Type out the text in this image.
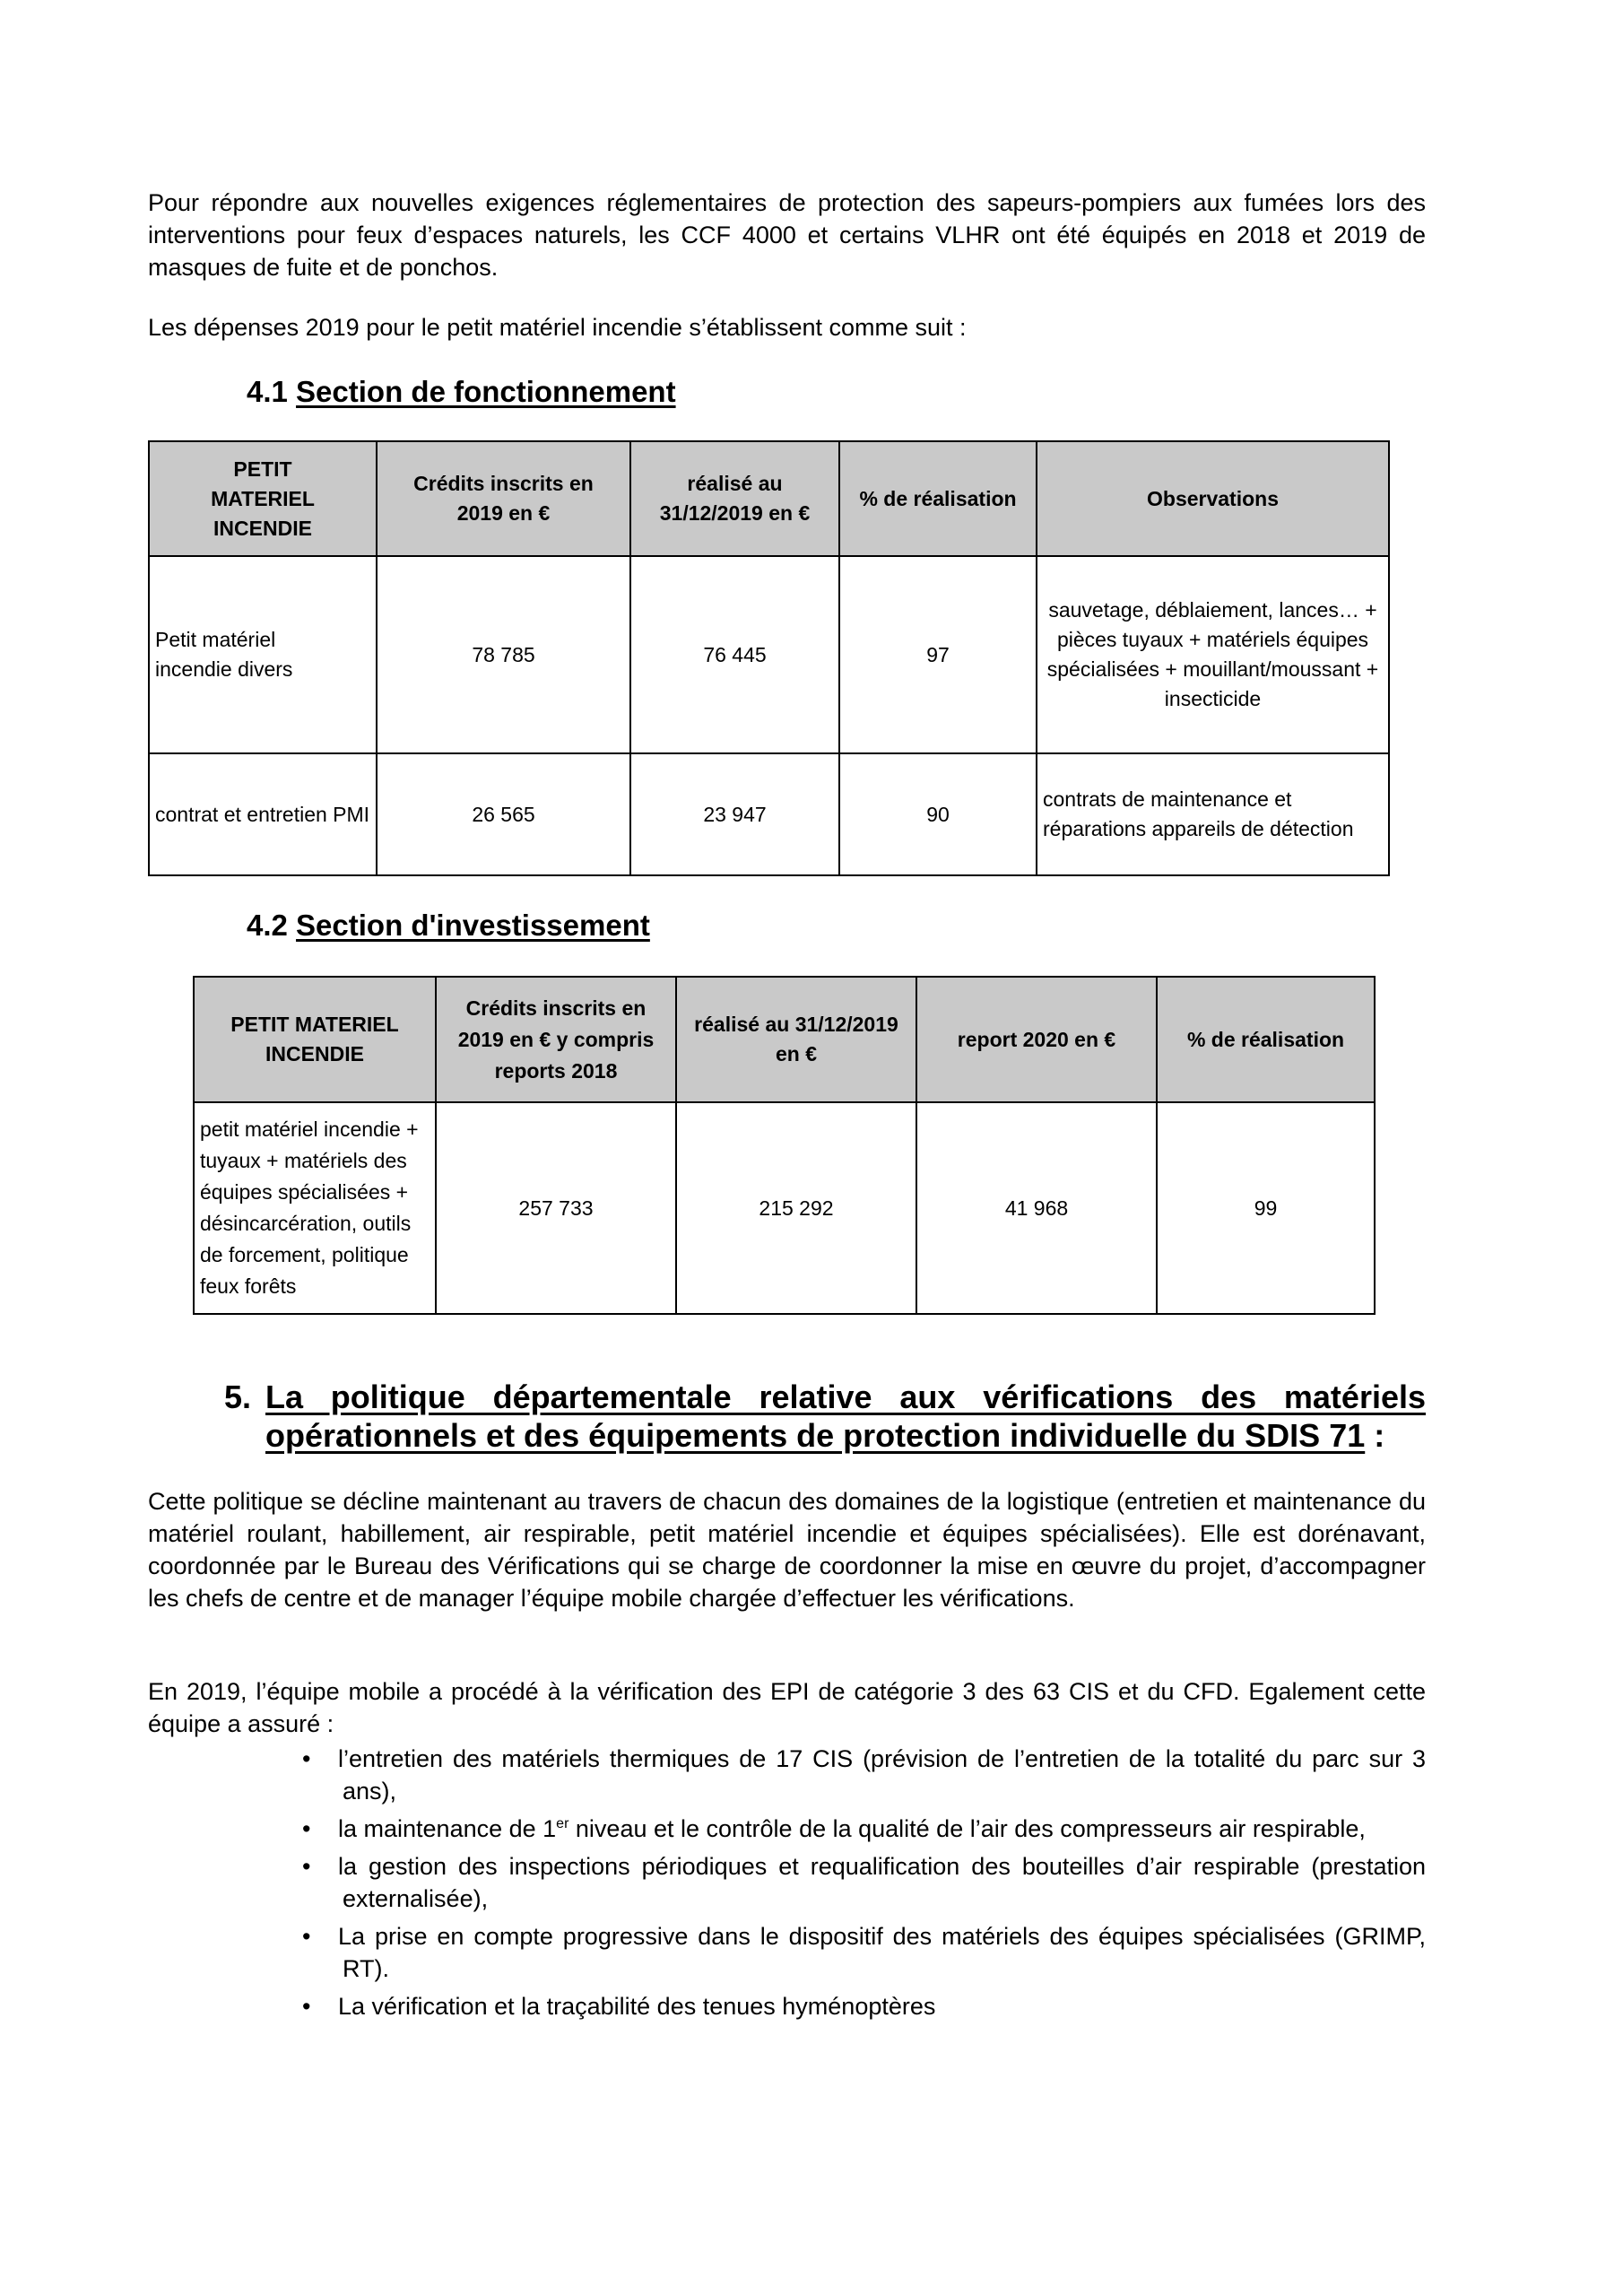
Pour répondre aux nouvelles exigences réglementaires de protection des sapeurs-pompiers aux fumées lors des interventions pour feux d’espaces naturels, les CCF 4000 et certains VLHR ont été équipés en 2018 et 2019 de masques de fuite et de ponchos.

Les dépenses 2019 pour le petit matériel incendie s’établissent comme suit :

4.1 Section de fonctionnement
PETIT MATERIEL INCENDIE	Crédits inscrits en 2019 en €	réalisé au 31/12/2019 en €	% de réalisation	Observations
Petit matériel incendie divers	78 785	76 445	97	sauvetage, déblaiement, lances… + pièces tuyaux + matériels équipes spécialisées + mouillant/moussant + insecticide
contrat et entretien PMI	26 565	23 947	90	contrats de maintenance et réparations appareils de détection
4.2 Section d'investissement
PETIT MATERIEL INCENDIE	Crédits inscrits en 2019 en € y compris reports 2018	réalisé au 31/12/2019 en €	report 2020 en €	% de réalisation
petit matériel incendie + tuyaux + matériels des équipes spécialisées + désincarcération, outils de forcement, politique feux forêts	257 733	215 292	41 968	99
5. La politique départementale relative aux vérifications des matériels opérationnels et des équipements de protection individuelle du SDIS 71 :

Cette politique se décline maintenant au travers de chacun des domaines de la logistique (entretien et maintenance du matériel roulant, habillement, air respirable, petit matériel incendie et équipes spécialisées). Elle est dorénavant, coordonnée par le Bureau des Vérifications qui se charge de coordonner la mise en œuvre du projet, d’accompagner les chefs de centre et de manager l’équipe mobile chargée d’effectuer les vérifications.

En 2019, l’équipe mobile a procédé à la vérification des EPI de catégorie 3 des 63 CIS et du CFD. Egalement cette équipe a assuré :

• l’entretien des matériels thermiques de 17 CIS (prévision de l’entretien de la totalité du parc sur 3 ans),
• la maintenance de 1er niveau et le contrôle de la qualité de l’air des compresseurs air respirable,
• la gestion des inspections périodiques et requalification des bouteilles d’air respirable (prestation externalisée),
• La prise en compte progressive dans le dispositif des matériels des équipes spécialisées (GRIMP, RT).
• La vérification et la traçabilité des tenues hyménoptères
